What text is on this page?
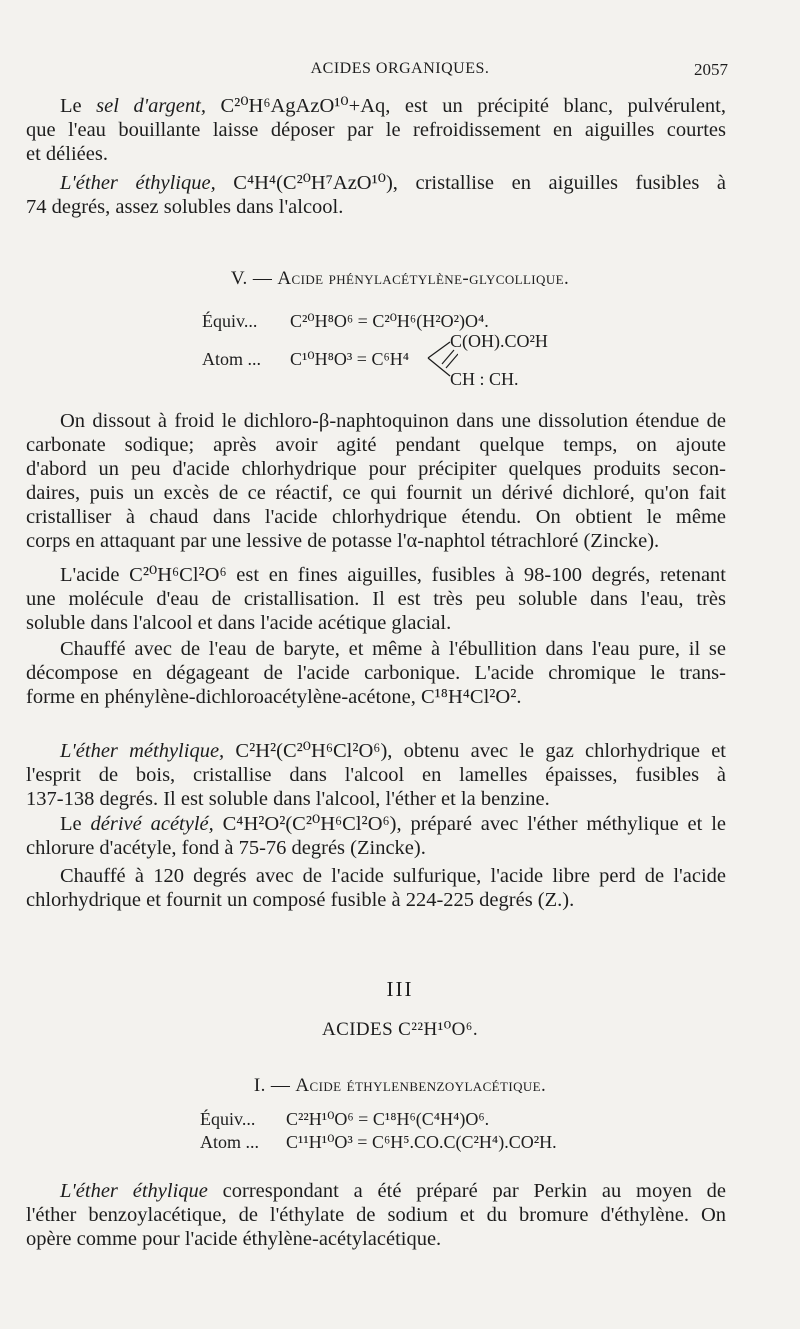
ACIDES ORGANIQUES.	2057
Le sel d'argent, C²⁰H⁶AgAzO¹⁰+Aq, est un précipité blanc, pulvérulent,
que l'eau bouillante laisse déposer par le refroidissement en aiguilles courtes
et déliées.
L'éther éthylique, C⁴H⁴(C²⁰H⁷AzO¹⁰), cristallise en aiguilles fusibles à
74 degrés, assez solubles dans l'alcool.
V. — Acide phénylacétylène-glycollique.
Équiv... C²⁰H⁸O⁶ = C²⁰H⁶(H²O²)O⁴.
C(OH).CO²H
Atom ... C¹⁰H⁸O³ = C⁶H⁴
CH : CH.
On dissout à froid le dichloro-β-naphtoquinon dans une dissolution étendue de
carbonate sodique; après avoir agité pendant quelque temps, on ajoute
d'abord un peu d'acide chlorhydrique pour précipiter quelques produits secon-
daires, puis un excès de ce réactif, ce qui fournit un dérivé dichloré, qu'on fait
cristalliser à chaud dans l'acide chlorhydrique étendu. On obtient le même
corps en attaquant par une lessive de potasse l'α-naphtol tétrachloré (Zincke).
L'acide C²⁰H⁶Cl²O⁶ est en fines aiguilles, fusibles à 98-100 degrés, retenant
une molécule d'eau de cristallisation. Il est très peu soluble dans l'eau, très
soluble dans l'alcool et dans l'acide acétique glacial.
Chauffé avec de l'eau de baryte, et même à l'ébullition dans l'eau pure, il se
décompose en dégageant de l'acide carbonique. L'acide chromique le trans-
forme en phénylène-dichloroacétylène-acétone, C¹⁸H⁴Cl²O².
L'éther méthylique, C²H²(C²⁰H⁶Cl²O⁶), obtenu avec le gaz chlorhydrique et
l'esprit de bois, cristallise dans l'alcool en lamelles épaisses, fusibles à
137-138 degrés. Il est soluble dans l'alcool, l'éther et la benzine.
Le dérivé acétylé, C⁴H²O²(C²⁰H⁶Cl²O⁶), préparé avec l'éther méthylique et le
chlorure d'acétyle, fond à 75-76 degrés (Zincke).
Chauffé à 120 degrés avec de l'acide sulfurique, l'acide libre perd de l'acide
chlorhydrique et fournit un composé fusible à 224-225 degrés (Z.).
III
ACIDES C²²H¹⁰O⁶.
I. — Acide éthylenbenzoylacétique.
Équiv... C²²H¹⁰O⁶ = C¹⁸H⁶(C⁴H⁴)O⁶.
Atom ... C¹¹H¹⁰O³ = C⁶H⁵.CO.C(C²H⁴).CO²H.
L'éther éthylique correspondant a été préparé par Perkin au moyen de
l'éther benzoylacétique, de l'éthylate de sodium et du bromure d'éthylène. On
opère comme pour l'acide éthylène-acétylacétique.
